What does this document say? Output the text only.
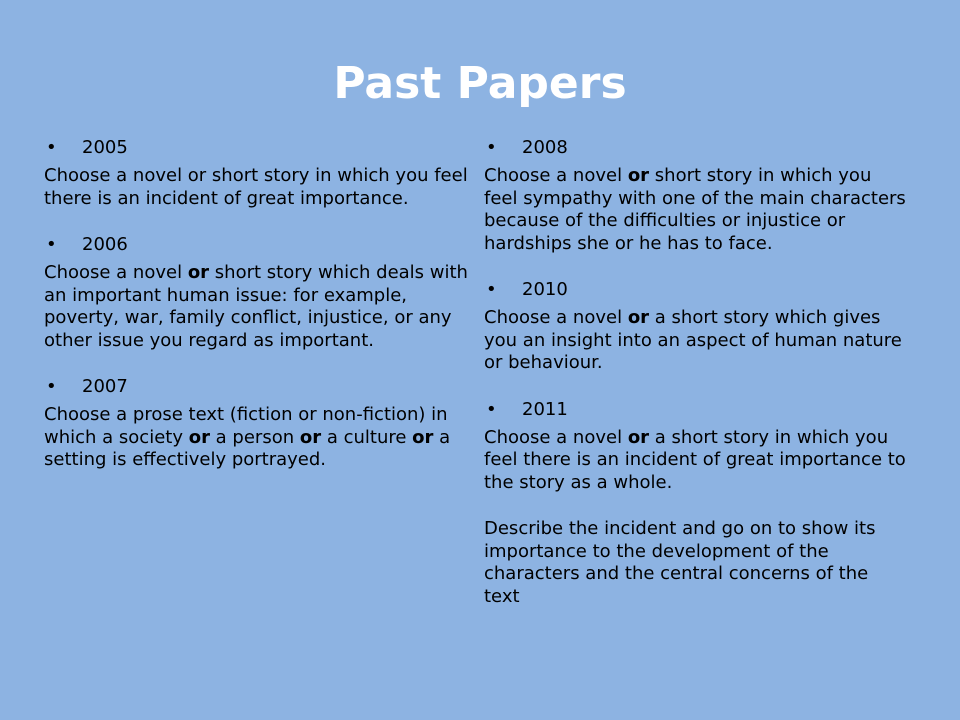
Past Papers
• 2005
Choose a novel or short story in which you feel there is an incident of great importance.
• 2006
Choose a novel or short story which deals with an important human issue: for example, poverty, war, family conflict, injustice, or any other issue you regard as important.
• 2007
Choose a prose text (fiction or non-fiction) in which a society or a person or a culture or a setting is effectively portrayed.
• 2008
Choose a novel or short story in which you feel sympathy with one of the main characters because of the difficulties or injustice or hardships she or he has to face.
• 2010
Choose a novel or a short story which gives you an insight into an aspect of human nature or behaviour.
• 2011
Choose a novel or a short story in which you feel there is an incident of great importance to the story as a whole.
Describe the incident and go on to show its importance to the development of the characters and the central concerns of the text
